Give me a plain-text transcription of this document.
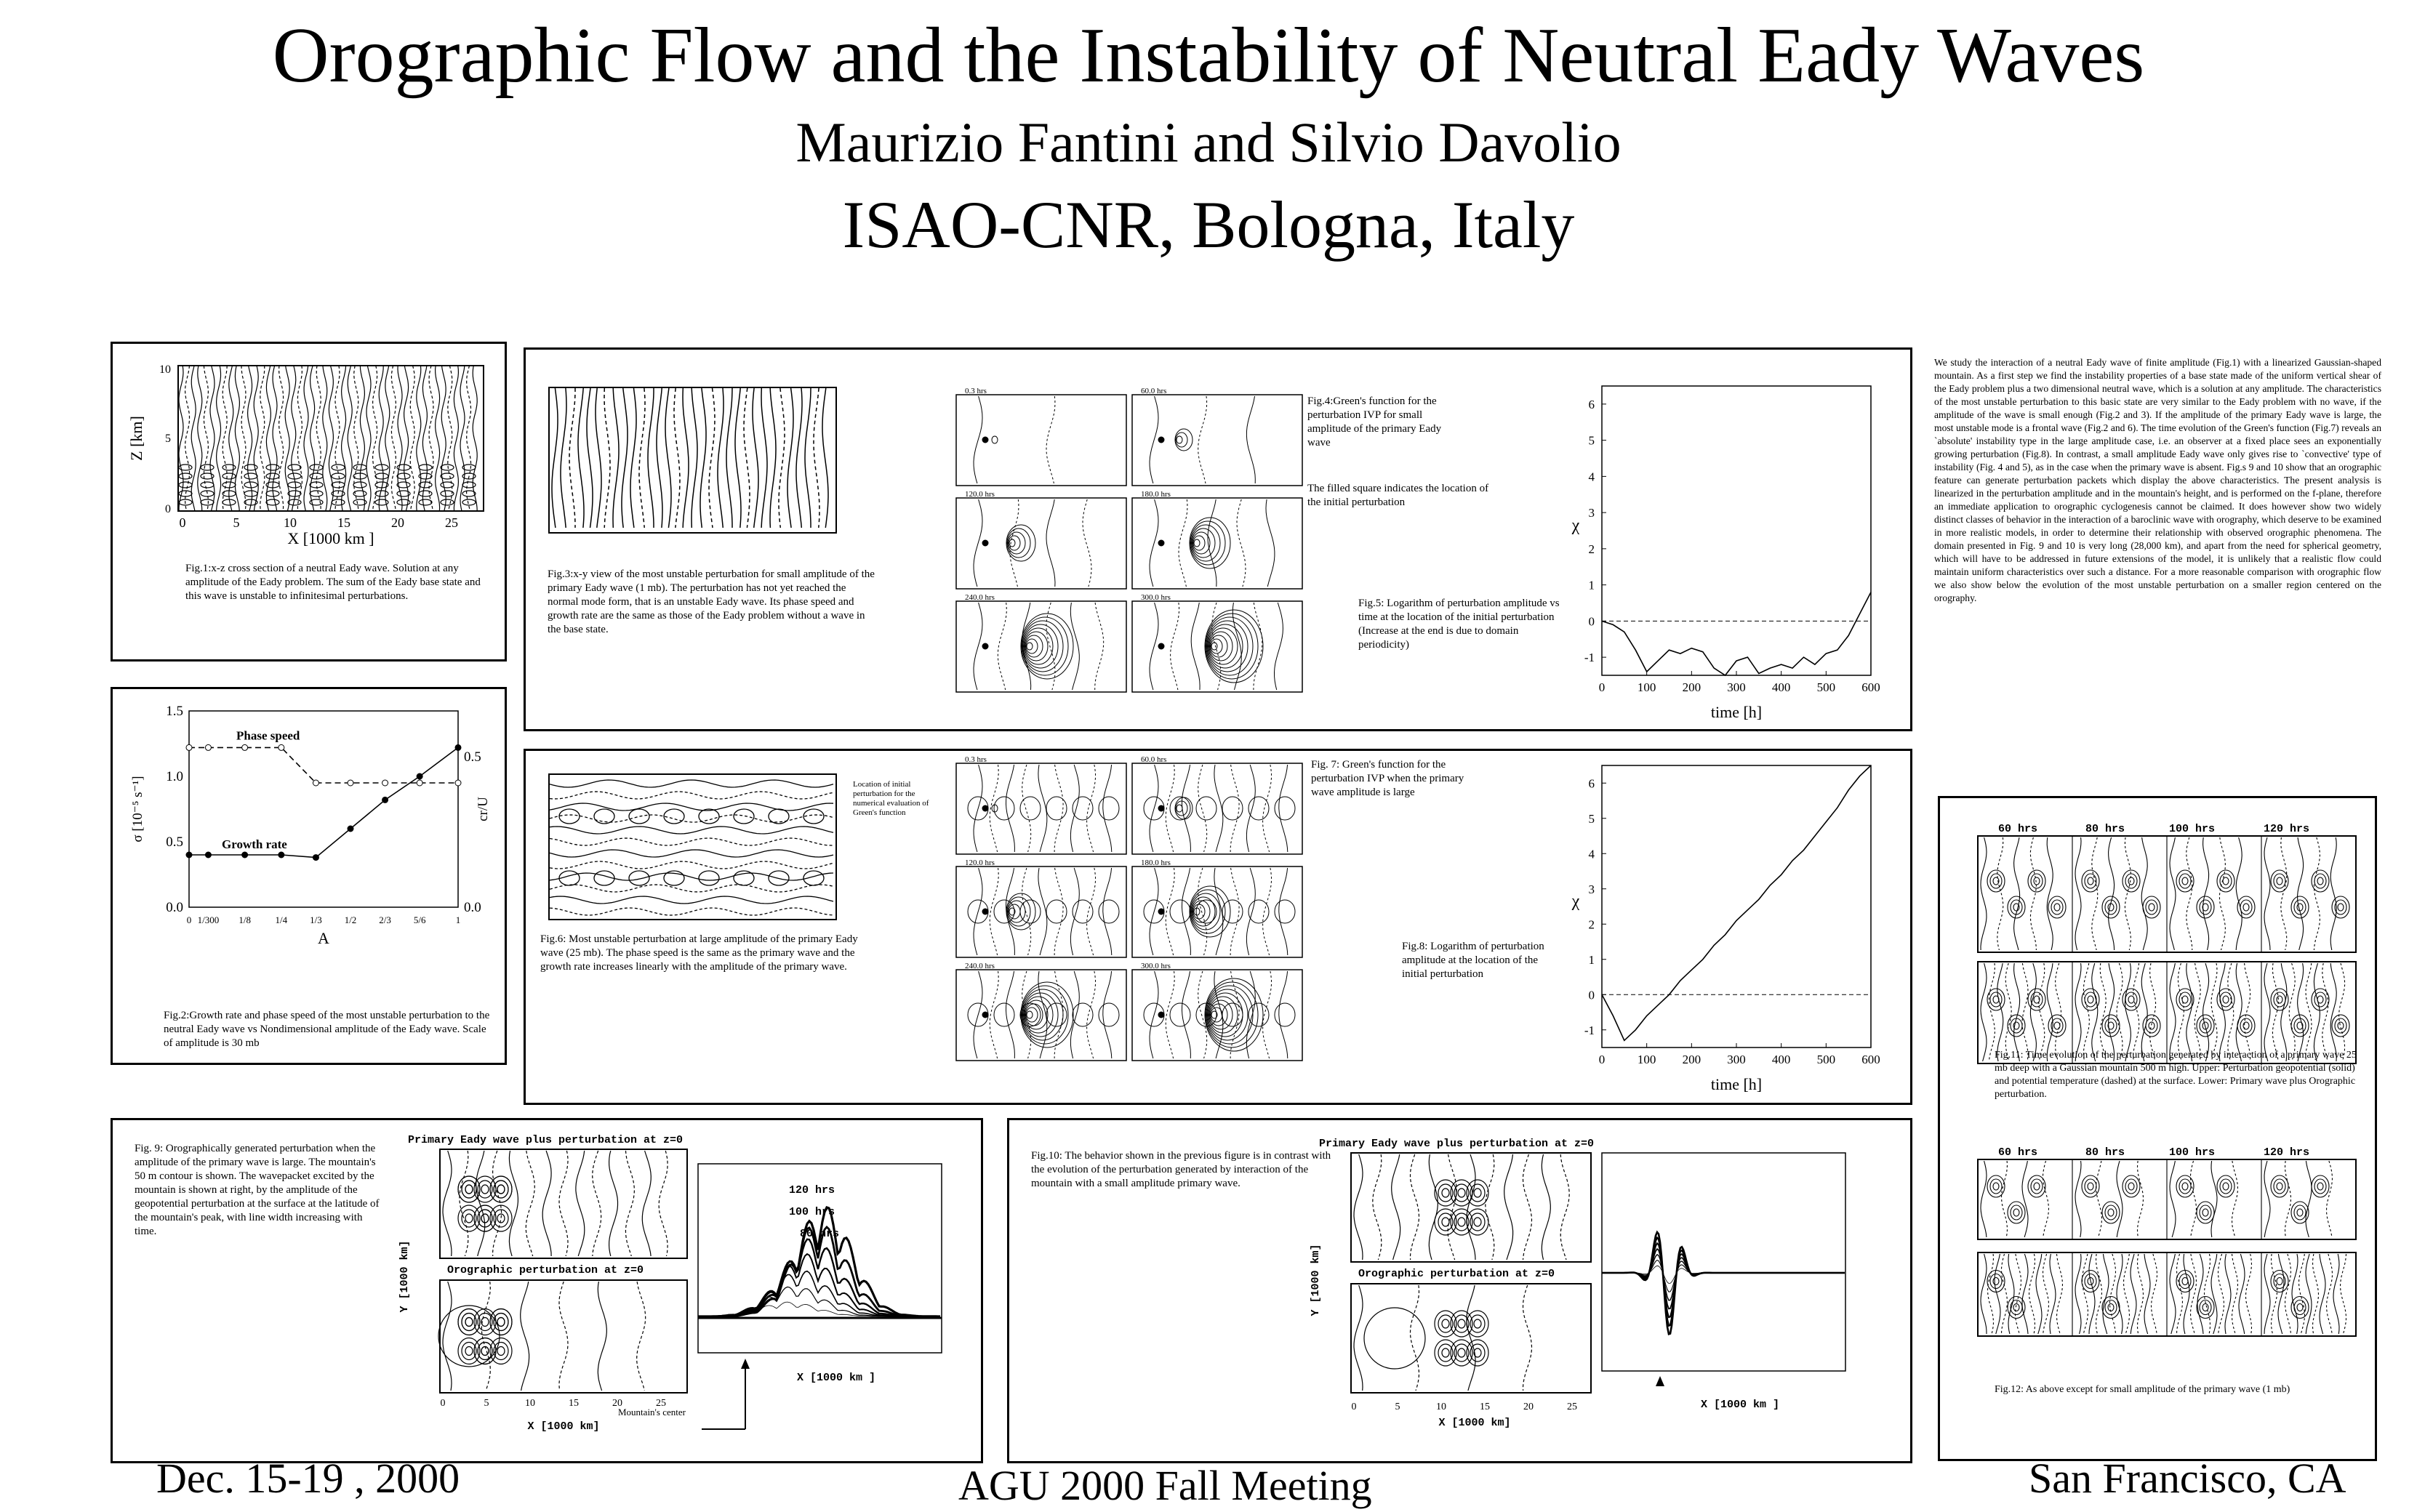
Orographic Flow and the Instability of Neutral Eady Waves
Maurizio Fantini and Silvio Davolio
ISAO-CNR, Bologna, Italy
Z [km]
X [1000 km ]
0	5	10	15	20	25
10
5
0
Fig.1:x-z cross section of a neutral Eady wave. Solution at any amplitude of the Eady problem. The sum of the Eady base state and this wave is unstable to infinitesimal perturbations.
Fig.3:x-y view of the most unstable perturbation for small amplitude of the primary Eady wave (1 mb). The perturbation has not yet reached the normal mode form, that is an unstable Eady wave. Its phase speed and growth rate are the same as those of the Eady problem without a wave in the base state.
0.3 hrs	60.0 hrs
120.0 hrs	180.0 hrs
240.0 hrs	300.0 hrs
Fig.4:Green's function for the perturbation IVP for small amplitude of the primary Eady wave
The filled square indicates the location of the initial perturbation
Fig.5: Logarithm of perturbation amplitude vs time at the location of the initial perturbation (Increase at the end is due to domain periodicity)
0	100 200 300 400 500 600
-1
0
1
2
3
4
5
6
time [h]
χ
0.0
0.5
1.0
1.5
0.0
0.5
0 1/300 1/8	1/4 1/3 1/2 2/3 5/6	1
Phase speed
Growth rate
A
σ [10⁻⁵ s⁻¹]	cr/U
Fig.2:Growth rate and phase speed of the most unstable perturbation to the neutral Eady wave vs Nondimensional amplitude of the Eady wave. Scale of amplitude is 30 mb
Fig.6: Most unstable perturbation at large amplitude of the primary Eady wave (25 mb). The phase speed is the same as the primary wave and the growth rate increases linearly with the amplitude of the primary wave.
Location of initial perturbation for the numerical evaluation of Green's function
0.3 hrs	60.0 hrs
120.0 hrs	180.0 hrs
240.0 hrs	300.0 hrs
Fig. 7: Green's function for the perturbation IVP when the primary wave amplitude is large
Fig.8: Logarithm of perturbation amplitude at the location of the initial perturbation
0	100 200 300 400 500 600
-1
0
1
2
3
4
5
6
time [h]
χ
Fig. 9: Orographically generated perturbation when the amplitude of the primary wave is large. The mountain's 50 m contour is shown. The wavepacket excited by the mountain is shown at right, by the amplitude of the geopotential perturbation at the surface at the latitude of the mountain's peak, with line width increasing with time.
Primary Eady wave plus perturbation at z=0
Orographic perturbation at z=0
Y [1000 km]
X [1000 km]
0	5	10	15	20	25
120 hrs
100 hrs
80 hrs
X [1000 km ]
Mountain's center
Fig.10: The behavior shown in the previous figure is in contrast with the evolution of the perturbation generated by interaction of the mountain with a small amplitude primary wave.
Primary Eady wave plus perturbation at z=0
Orographic perturbation at z=0
Y [1000 km]
X [1000 km]
0	5	10	15	20	25	X [1000 km ]
We study the interaction of a neutral Eady wave of finite amplitude (Fig.1) with a linearized Gaussian-shaped mountain. As a first step we find the instability properties of a base state made of the uniform vertical shear of the Eady problem plus a two dimensional neutral wave, which is a solution at any amplitude. The characteristics of the most unstable perturbation to this basic state are very similar to the Eady problem with no wave, if the amplitude of the wave is small enough (Fig.2 and 3). If the amplitude of the primary Eady wave is large, the most unstable mode is a frontal wave (Fig.2 and 6). The time evolution of the Green's function (Fig.7) reveals an `absolute' instability type in the large amplitude case, i.e. an observer at a fixed place sees an exponentially growing perturbation (Fig.8). In contrast, a small amplitude Eady wave only gives rise to `convective' type of instability (Fig. 4 and 5), as in the case when the primary wave is absent. Fig.s 9 and 10 show that an orographic feature can generate perturbation packets which display the above characteristics. The present analysis is linearized in the perturbation amplitude and in the mountain's height, and is performed on the f-plane, therefore an immediate application to orographic cyclogenesis cannot be claimed. It does however show two widely distinct classes of behavior in the interaction of a baroclinic wave with orography, which deserve to be examined in more realistic models, in order to determine their relationship with observed orographic phenomena. The domain presented in Fig. 9 and 10 is very long (28,000 km), and apart from the need for spherical geometry, which will have to be addressed in future extensions of the model, it is unlikely that a realistic flow could maintain uniform characteristics over such a distance. For a more reasonable comparison with orographic flow we also show below the evolution of the most unstable perturbation on a smaller region centered on the orography.
60 hrs	80 hrs	100 hrs	120 hrs
Fig.11: Time evolution of the perturbation generated by interaction of a primary wave 25 mb deep with a Gaussian mountain 500 m high. Upper: Perturbation geopotential (solid) and potential temperature (dashed) at the surface. Lower: Primary wave plus Orographic perturbation.
60 hrs	80 hrs	100 hrs	120 hrs
Fig.12: As above except for small amplitude of the primary wave (1 mb)
Dec. 15-19 , 2000	AGU 2000 Fall Meeting	San Francisco, CA
